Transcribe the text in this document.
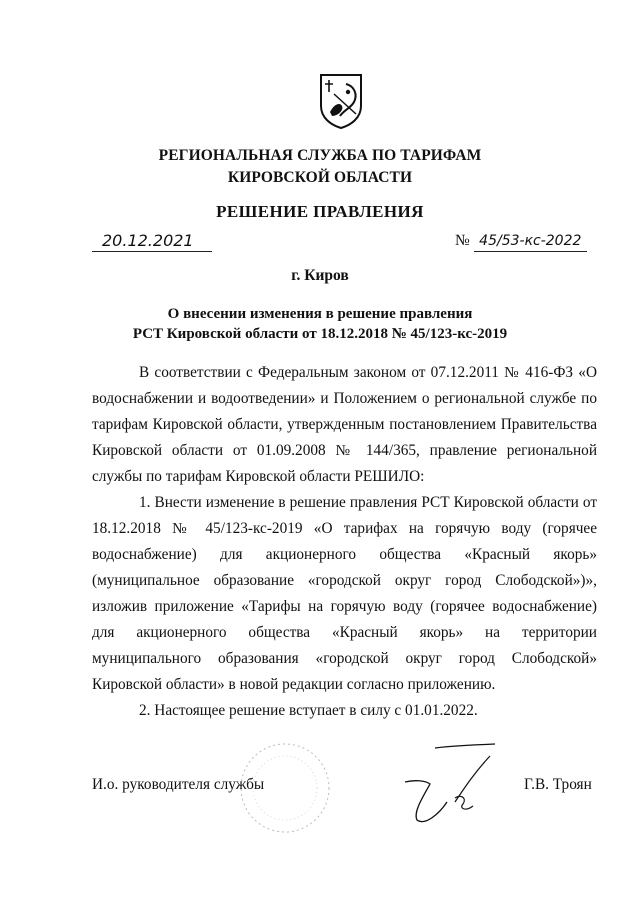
РЕГИОНАЛЬНАЯ СЛУЖБА ПО ТАРИФАМ
КИРОВСКОЙ ОБЛАСТИ
РЕШЕНИЕ ПРАВЛЕНИЯ
20.12.2021	№ 45/53-кс-2022
г. Киров
О внесении изменения в решение правления
РСТ Кировской области от 18.12.2018 № 45/123-кс-2019

В соответствии с Федеральным законом от 07.12.2011 № 416-ФЗ «О водоснабжении и водоотведении» и Положением о региональной службе по тарифам Кировской области, утвержденным постановлением Правительства Кировской области от 01.09.2008 № 144/365, правление региональной службы по тарифам Кировской области РЕШИЛО:

1. Внести изменение в решение правления РСТ Кировской области от 18.12.2018 № 45/123-кс-2019 «О тарифах на горячую воду (горячее водоснабжение) для акционерного общества «Красный якорь» (муниципальное образование «городской округ город Слободской»)», изложив приложение «Тарифы на горячую воду (горячее водоснабжение) для акционерного общества «Красный якорь» на территории муниципального образования «городской округ город Слободской» Кировской области» в новой редакции согласно приложению.

2. Настоящее решение вступает в силу с 01.01.2022.

И.о. руководителя службы	Г.В. Троян
